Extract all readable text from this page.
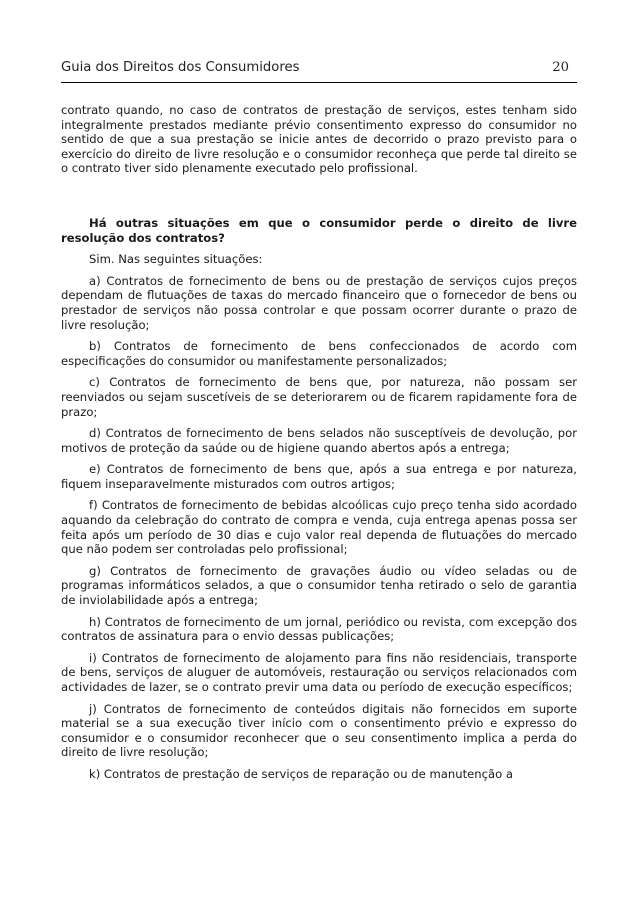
Guia dos Direitos dos Consumidores	20

contrato quando, no caso de contratos de prestação de serviços, estes tenham sido integralmente prestados mediante prévio consentimento expresso do consumidor no sentido de que a sua prestação se inicie antes de decorrido o prazo previsto para o exercício do direito de livre resolução e o consumidor reconheça que perde tal direito se o contrato tiver sido plenamente executado pelo profissional.

Há outras situações em que o consumidor perde o direito de livre resolução dos contratos?

Sim. Nas seguintes situações:

a) Contratos de fornecimento de bens ou de prestação de serviços cujos preços dependam de flutuações de taxas do mercado financeiro que o fornecedor de bens ou prestador de serviços não possa controlar e que possam ocorrer durante o prazo de livre resolução;

b) Contratos de fornecimento de bens confeccionados de acordo com especificações do consumidor ou manifestamente personalizados;

c) Contratos de fornecimento de bens que, por natureza, não possam ser reenviados ou sejam suscetíveis de se deteriorarem ou de ficarem rapidamente fora de prazo;

d) Contratos de fornecimento de bens selados não susceptíveis de devolução, por motivos de proteção da saúde ou de higiene quando abertos após a entrega;

e) Contratos de fornecimento de bens que, após a sua entrega e por natureza, fiquem inseparavelmente misturados com outros artigos;

f) Contratos de fornecimento de bebidas alcoólicas cujo preço tenha sido acordado aquando da celebração do contrato de compra e venda, cuja entrega apenas possa ser feita após um período de 30 dias e cujo valor real dependa de flutuações do mercado que não podem ser controladas pelo profissional;

g) Contratos de fornecimento de gravações áudio ou vídeo seladas ou de programas informáticos selados, a que o consumidor tenha retirado o selo de garantia de inviolabilidade após a entrega;

h) Contratos de fornecimento de um jornal, periódico ou revista, com excepção dos contratos de assinatura para o envio dessas publicações;

i) Contratos de fornecimento de alojamento para fins não residenciais, transporte de bens, serviços de aluguer de automóveis, restauração ou serviços relacionados com actividades de lazer, se o contrato previr uma data ou período de execução específicos;

j) Contratos de fornecimento de conteúdos digitais não fornecidos em suporte material se a sua execução tiver início com o consentimento prévio e expresso do consumidor e o consumidor reconhecer que o seu consentimento implica a perda do direito de livre resolução;

k) Contratos de prestação de serviços de reparação ou de manutenção a
